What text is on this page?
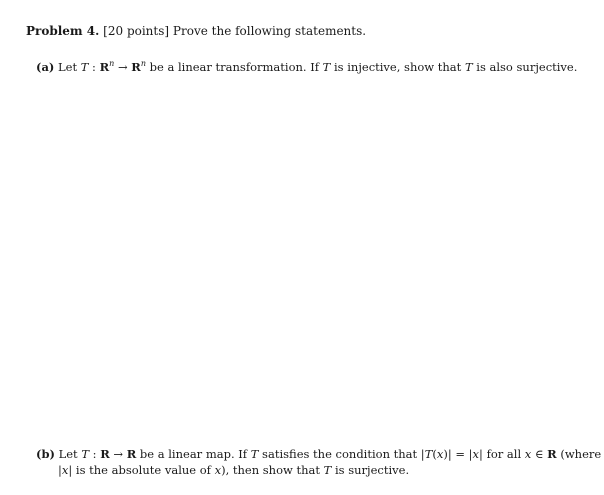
Problem 4. [20 points] Prove the following statements.
(a) Let T : $R^n \to R^n$ be a linear transformation. If T is injective, show that T is also surjective.
(b) Let T : R → R be a linear map. If T satisfies the condition that |T(x)| = |x| for all x ∈ R (where
|x| is the absolute value of x), then show that T is surjective.
